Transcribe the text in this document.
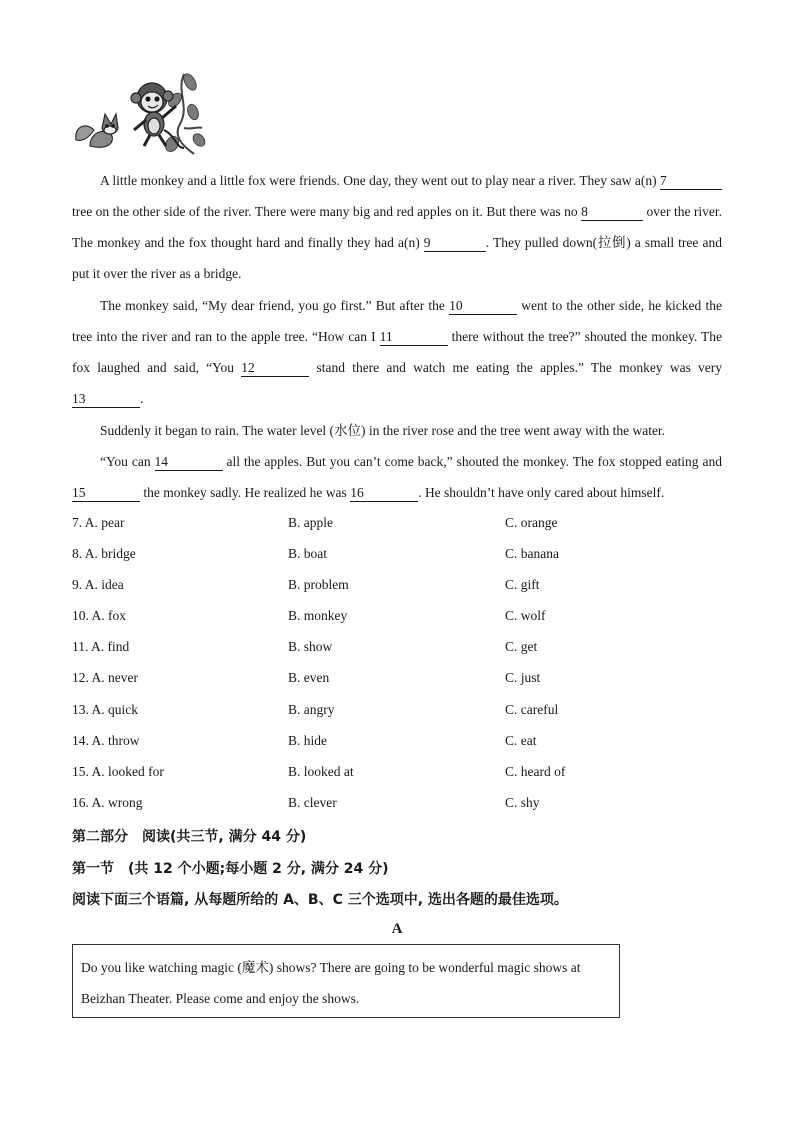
A little monkey and a little fox were friends. One day, they went out to play near a river. They saw a(n) 7 tree on the other side of the river. There were many big and red apples on it. But there was no 8	over the river. The monkey and the fox thought hard and finally they had a(n) 9	. They pulled down(拉倒) a small tree and put it over the river as a bridge.
The monkey said, “My dear friend, you go first.” But after the 10	went to the other side, he kicked the tree into the river and ran to the apple tree. “How can I 11	there without the tree?” shouted the monkey. The fox laughed and said, “You 12	stand there and watch me eating the apples.” The monkey was very 13	.
Suddenly it began to rain. The water level (水位) in the river rose and the tree went away with the water.
“You can 14	all the apples. But you can’t come back,” shouted the monkey. The fox stopped eating and 15	the monkey sadly. He realized he was 16	. He shouldn’t have only cared about himself.
7. A. pear	B. apple	C. orange
8. A. bridge	B. boat	C. banana
9. A. idea	B. problem	C. gift
10. A. fox	B. monkey	C. wolf
11. A. find	B. show	C. get
12. A. never	B. even	C. just
13. A. quick	B. angry	C. careful
14. A. throw	B. hide	C. eat
15. A. looked for	B. looked at	C. heard of
16. A. wrong	B. clever	C. shy
第二部分　阅读(共三节, 满分 44 分)
第一节　(共 12 个小题;每小题 2 分, 满分 24 分)
阅读下面三个语篇, 从每题所给的 A、B、C 三个选项中, 选出各题的最佳选项。
A
Do you like watching magic (魔术) shows? There are going to be wonderful magic shows at Beizhan Theater. Please come and enjoy the shows.
